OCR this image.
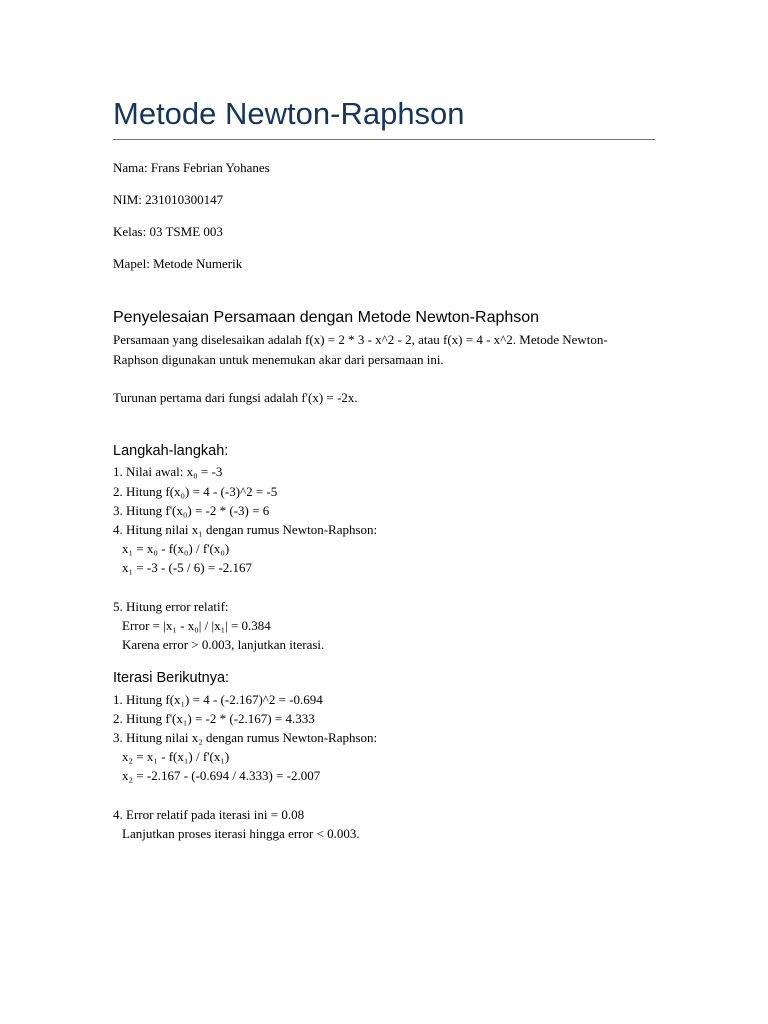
Metode Newton-Raphson
Nama: Frans Febrian Yohanes
NIM: 231010300147
Kelas: 03 TSME 003
Mapel: Metode Numerik
Penyelesaian Persamaan dengan Metode Newton-Raphson
Persamaan yang diselesaikan adalah f(x) = 2 * 3 - x^2 - 2, atau f(x) = 4 - x^2. Metode Newton-Raphson digunakan untuk menemukan akar dari persamaan ini.
Turunan pertama dari fungsi adalah f'(x) = -2x.
Langkah-langkah:
1. Nilai awal: x₀ = -3
2. Hitung f(x₀) = 4 - (-3)^2 = -5
3. Hitung f'(x₀) = -2 * (-3) = 6
4. Hitung nilai x₁ dengan rumus Newton-Raphson:
x₁ = x₀ - f(x₀) / f'(x₀)
x₁ = -3 - (-5 / 6) = -2.167
5. Hitung error relatif:
Error = |x₁ - x₀| / |x₁| = 0.384
Karena error > 0.003, lanjutkan iterasi.
Iterasi Berikutnya:
1. Hitung f(x₁) = 4 - (-2.167)^2 = -0.694
2. Hitung f'(x₁) = -2 * (-2.167) = 4.333
3. Hitung nilai x₂ dengan rumus Newton-Raphson:
x₂ = x₁ - f(x₁) / f'(x₁)
x₂ = -2.167 - (-0.694 / 4.333) = -2.007
4. Error relatif pada iterasi ini = 0.08
Lanjutkan proses iterasi hingga error < 0.003.
